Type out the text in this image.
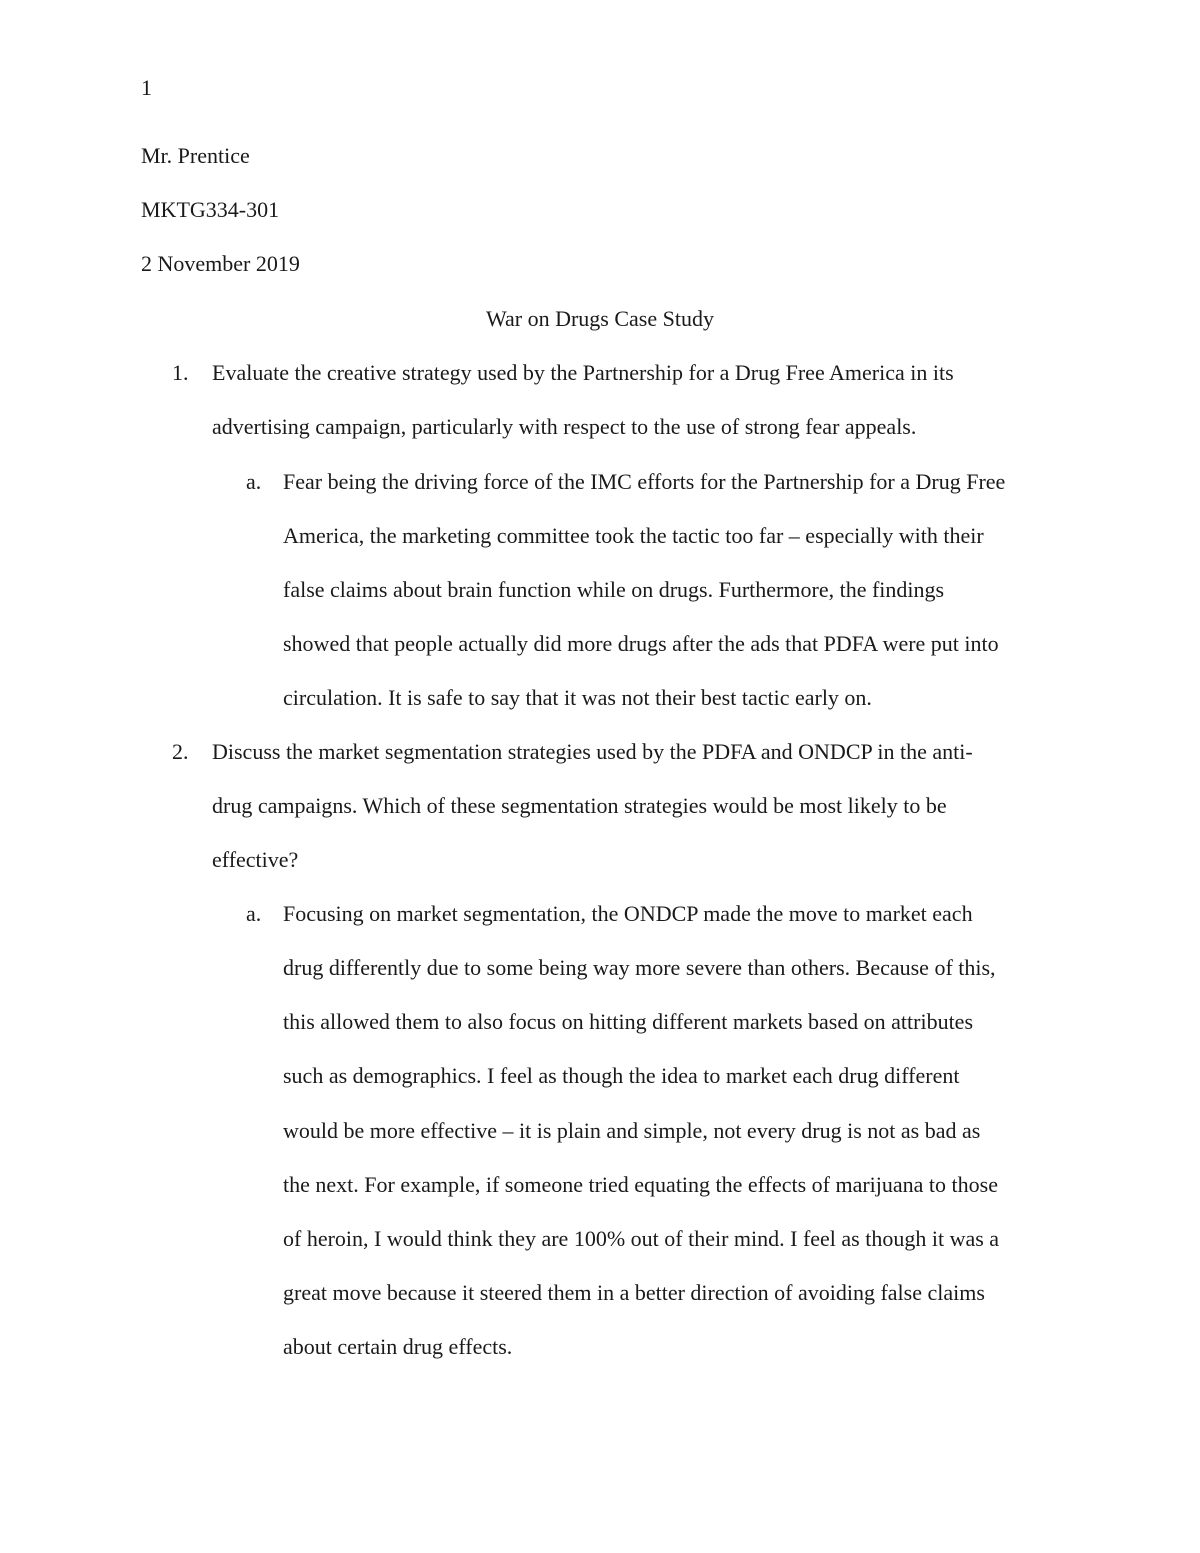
1
Mr. Prentice
MKTG334-301
2 November 2019
War on Drugs Case Study
1. Evaluate the creative strategy used by the Partnership for a Drug Free America in its
advertising campaign, particularly with respect to the use of strong fear appeals.
a. Fear being the driving force of the IMC efforts for the Partnership for a Drug Free
America, the marketing committee took the tactic too far – especially with their
false claims about brain function while on drugs. Furthermore, the findings
showed that people actually did more drugs after the ads that PDFA were put into
circulation. It is safe to say that it was not their best tactic early on.
2. Discuss the market segmentation strategies used by the PDFA and ONDCP in the anti-
drug campaigns. Which of these segmentation strategies would be most likely to be
effective?
a. Focusing on market segmentation, the ONDCP made the move to market each
drug differently due to some being way more severe than others. Because of this,
this allowed them to also focus on hitting different markets based on attributes
such as demographics. I feel as though the idea to market each drug different
would be more effective – it is plain and simple, not every drug is not as bad as
the next. For example, if someone tried equating the effects of marijuana to those
of heroin, I would think they are 100% out of their mind. I feel as though it was a
great move because it steered them in a better direction of avoiding false claims
about certain drug effects.
